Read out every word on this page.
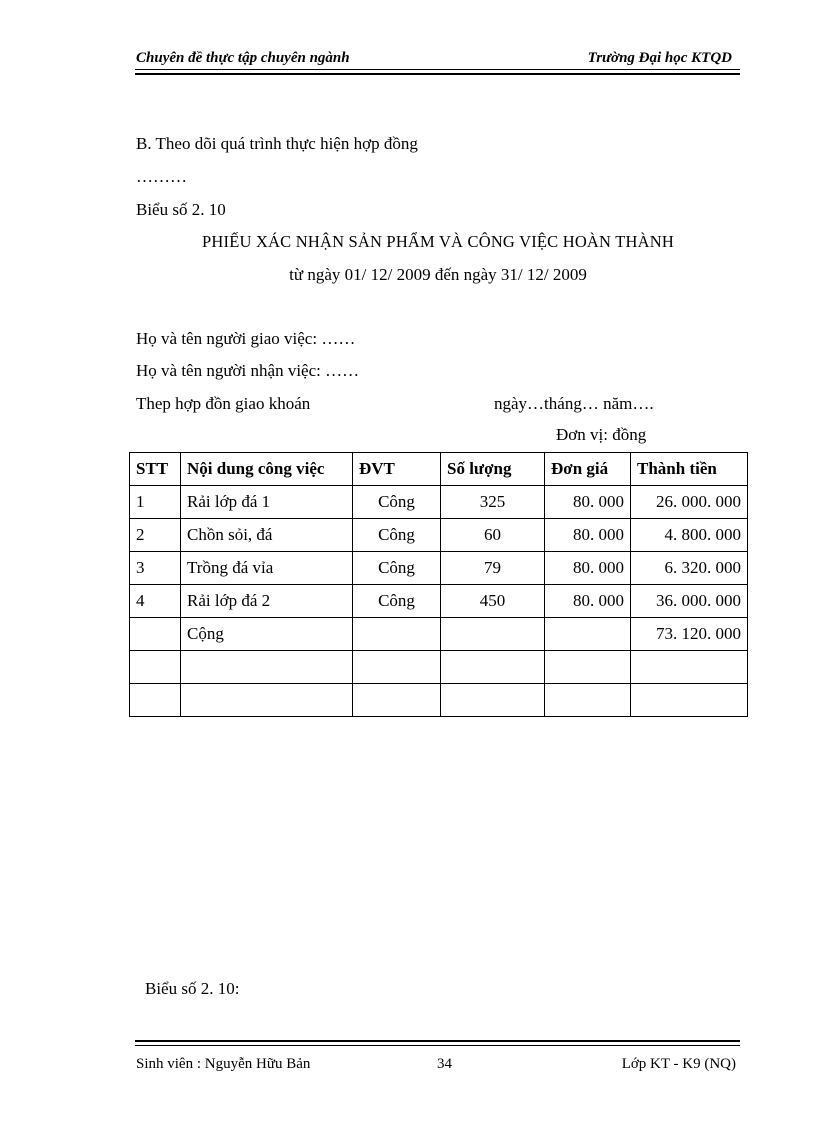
Chuyên đề thực tập chuyên ngành	Trường Đại học KTQD
B. Theo dõi quá trình thực hiện hợp đồng
………
Biểu số 2. 10
PHIẾU XÁC NHẬN SẢN PHẨM VÀ CÔNG VIỆC HOÀN THÀNH
từ ngày 01/ 12/ 2009 đến ngày 31/ 12/ 2009
Họ và tên người giao việc: ……
Họ và tên người nhận việc: ……
Thep hợp đồn giao khoán	ngày…tháng… năm….
Đơn vị: đồng
STT	Nội dung công việc	ĐVT	Số lượng	Đơn giá	Thành tiền
1	Rải lớp đá 1	Công	325	80. 000	26. 000. 000
2	Chồn sỏi, đá	Công	60	80. 000	4. 800. 000
3	Trồng đá vỉa	Công	79	80. 000	6. 320. 000
4	Rải lớp đá 2	Công	450	80. 000	36. 000. 000
	Cộng				73. 120. 000

Biểu số 2. 10:
Sinh viên : Nguyễn Hữu Bản	34	Lớp KT - K9 (NQ)
